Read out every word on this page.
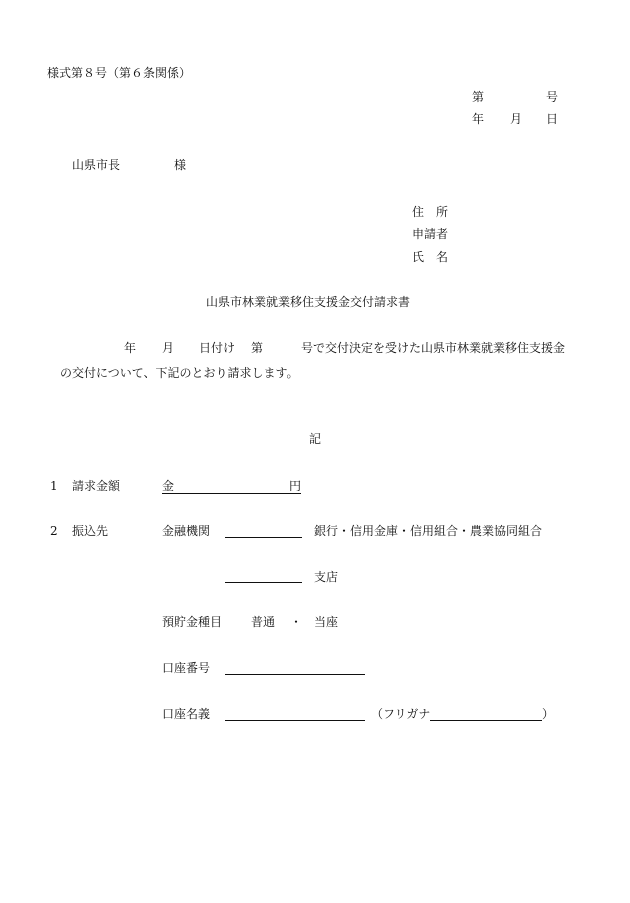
様式第８号（第６条関係）
第	号
年 月 日
山県市長	様
住　所
申請者
氏　名
山県市林業就業移住支援金交付請求書
年 月 日付け 第	号で交付決定を受けた山県市林業就業移住支援金
の交付について、下記のとおり請求します。
記
1 請求金額	金	円
2 振込先	金融機関	銀行・信用金庫・信用組合・農業協同組合
支店
預貯金種目 普通 ・ 当座
口座番号
口座名義	（フリガナ	）
